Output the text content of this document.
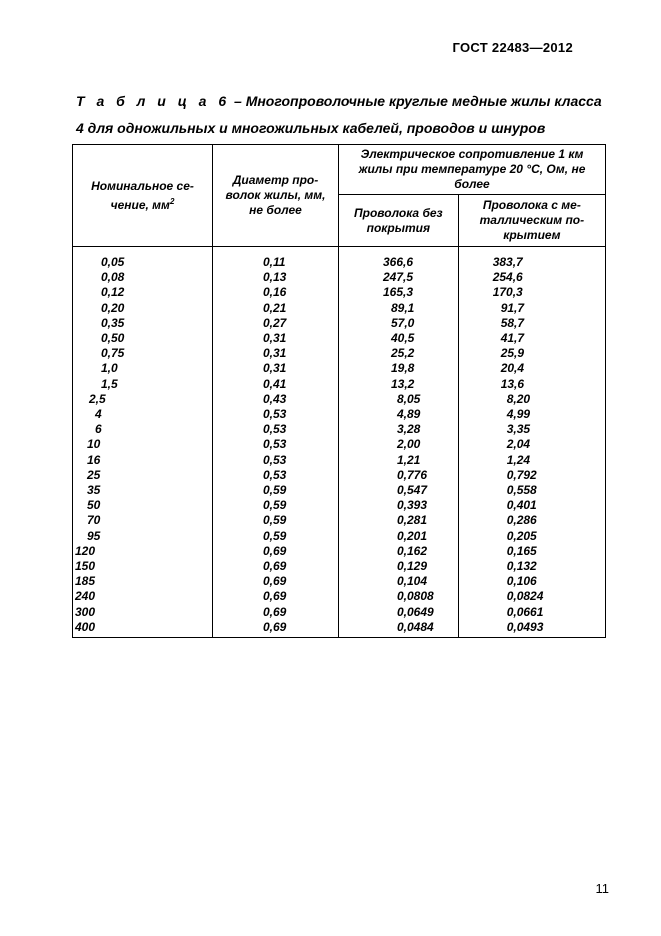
ГОСТ 22483—2012
Т а б л и ц а 6 – Многопроволочные круглые медные жилы класса
4 для одножильных и многожильных кабелей, проводов и шнуров
Номинальное се-чение, $мм^2$	Диаметр про-волок жилы, мм, не более	Электрическое сопротивление 1 км жилы при температуре 20 °С, Ом, не более	
		Проволока без покрытия	Проволока с ме-таллическим по-крытием
0,05	0,11	366,6	383,7
0,08	0,13	247,5	254,6
0,12	0,16	165,3	170,3
0,20	0,21	89,1	91,7
0,35	0,27	57,0	58,7
0,50	0,31	40,5	41,7
0,75	0,31	25,2	25,9
1,0	0,31	19,8	20,4
1,5	0,41	13,2	13,6
2,5	0,43	8,05	8,20
4	0,53	4,89	4,99
6	0,53	3,28	3,35
10	0,53	2,00	2,04
16	0,53	1,21	1,24
25	0,53	0,776	0,792
35	0,59	0,547	0,558
50	0,59	0,393	0,401
70	0,59	0,281	0,286
95	0,59	0,201	0,205
120	0,69	0,162	0,165
150	0,69	0,129	0,132
185	0,69	0,104	0,106
240	0,69	0,0808	0,0824
300	0,69	0,0649	0,0661
400	0,69	0,0484	0,0493
11
